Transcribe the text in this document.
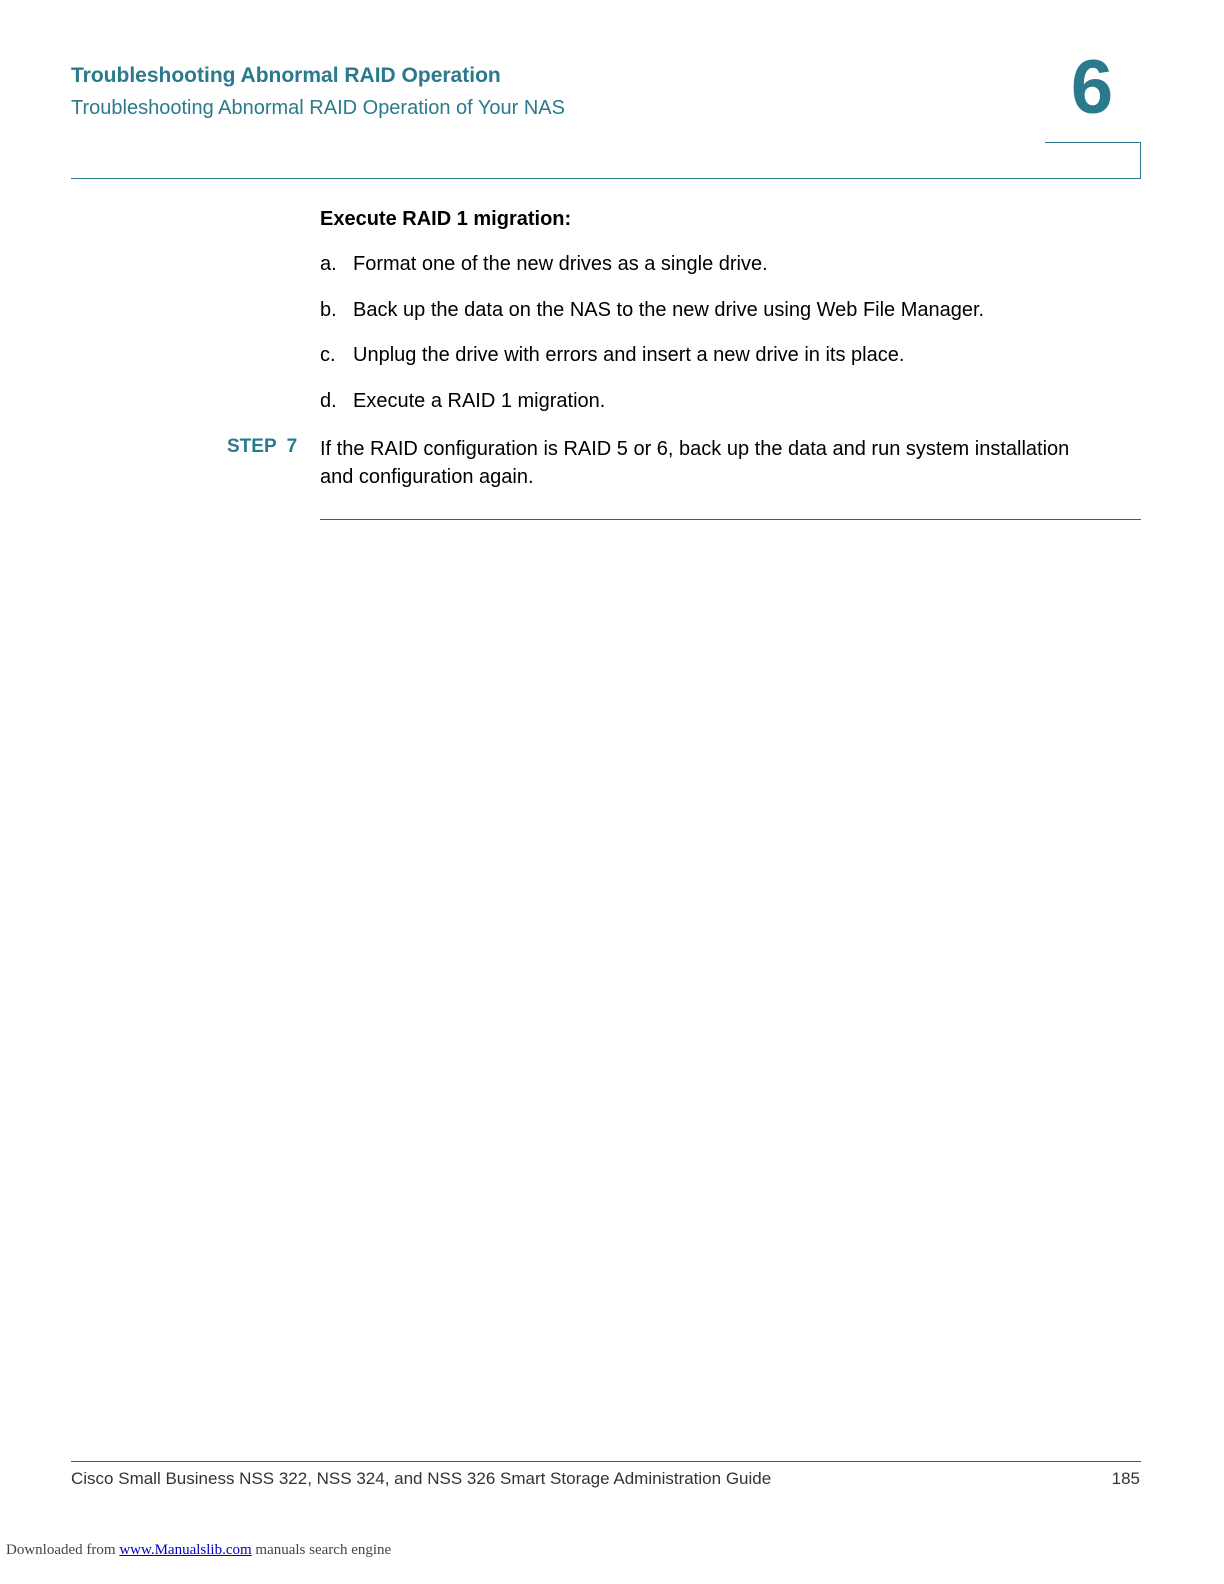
Troubleshooting Abnormal RAID Operation
Troubleshooting Abnormal RAID Operation of Your NAS	6
Execute RAID 1 migration:
a. Format one of the new drives as a single drive.
b. Back up the data on the NAS to the new drive using Web File Manager.
c. Unplug the drive with errors and insert a new drive in its place.
d. Execute a RAID 1 migration.
STEP 7 If the RAID configuration is RAID 5 or 6, back up the data and run system installation and configuration again.
Cisco Small Business NSS 322, NSS 324, and NSS 326 Smart Storage Administration Guide	185
Downloaded from www.Manualslib.com manuals search engine
